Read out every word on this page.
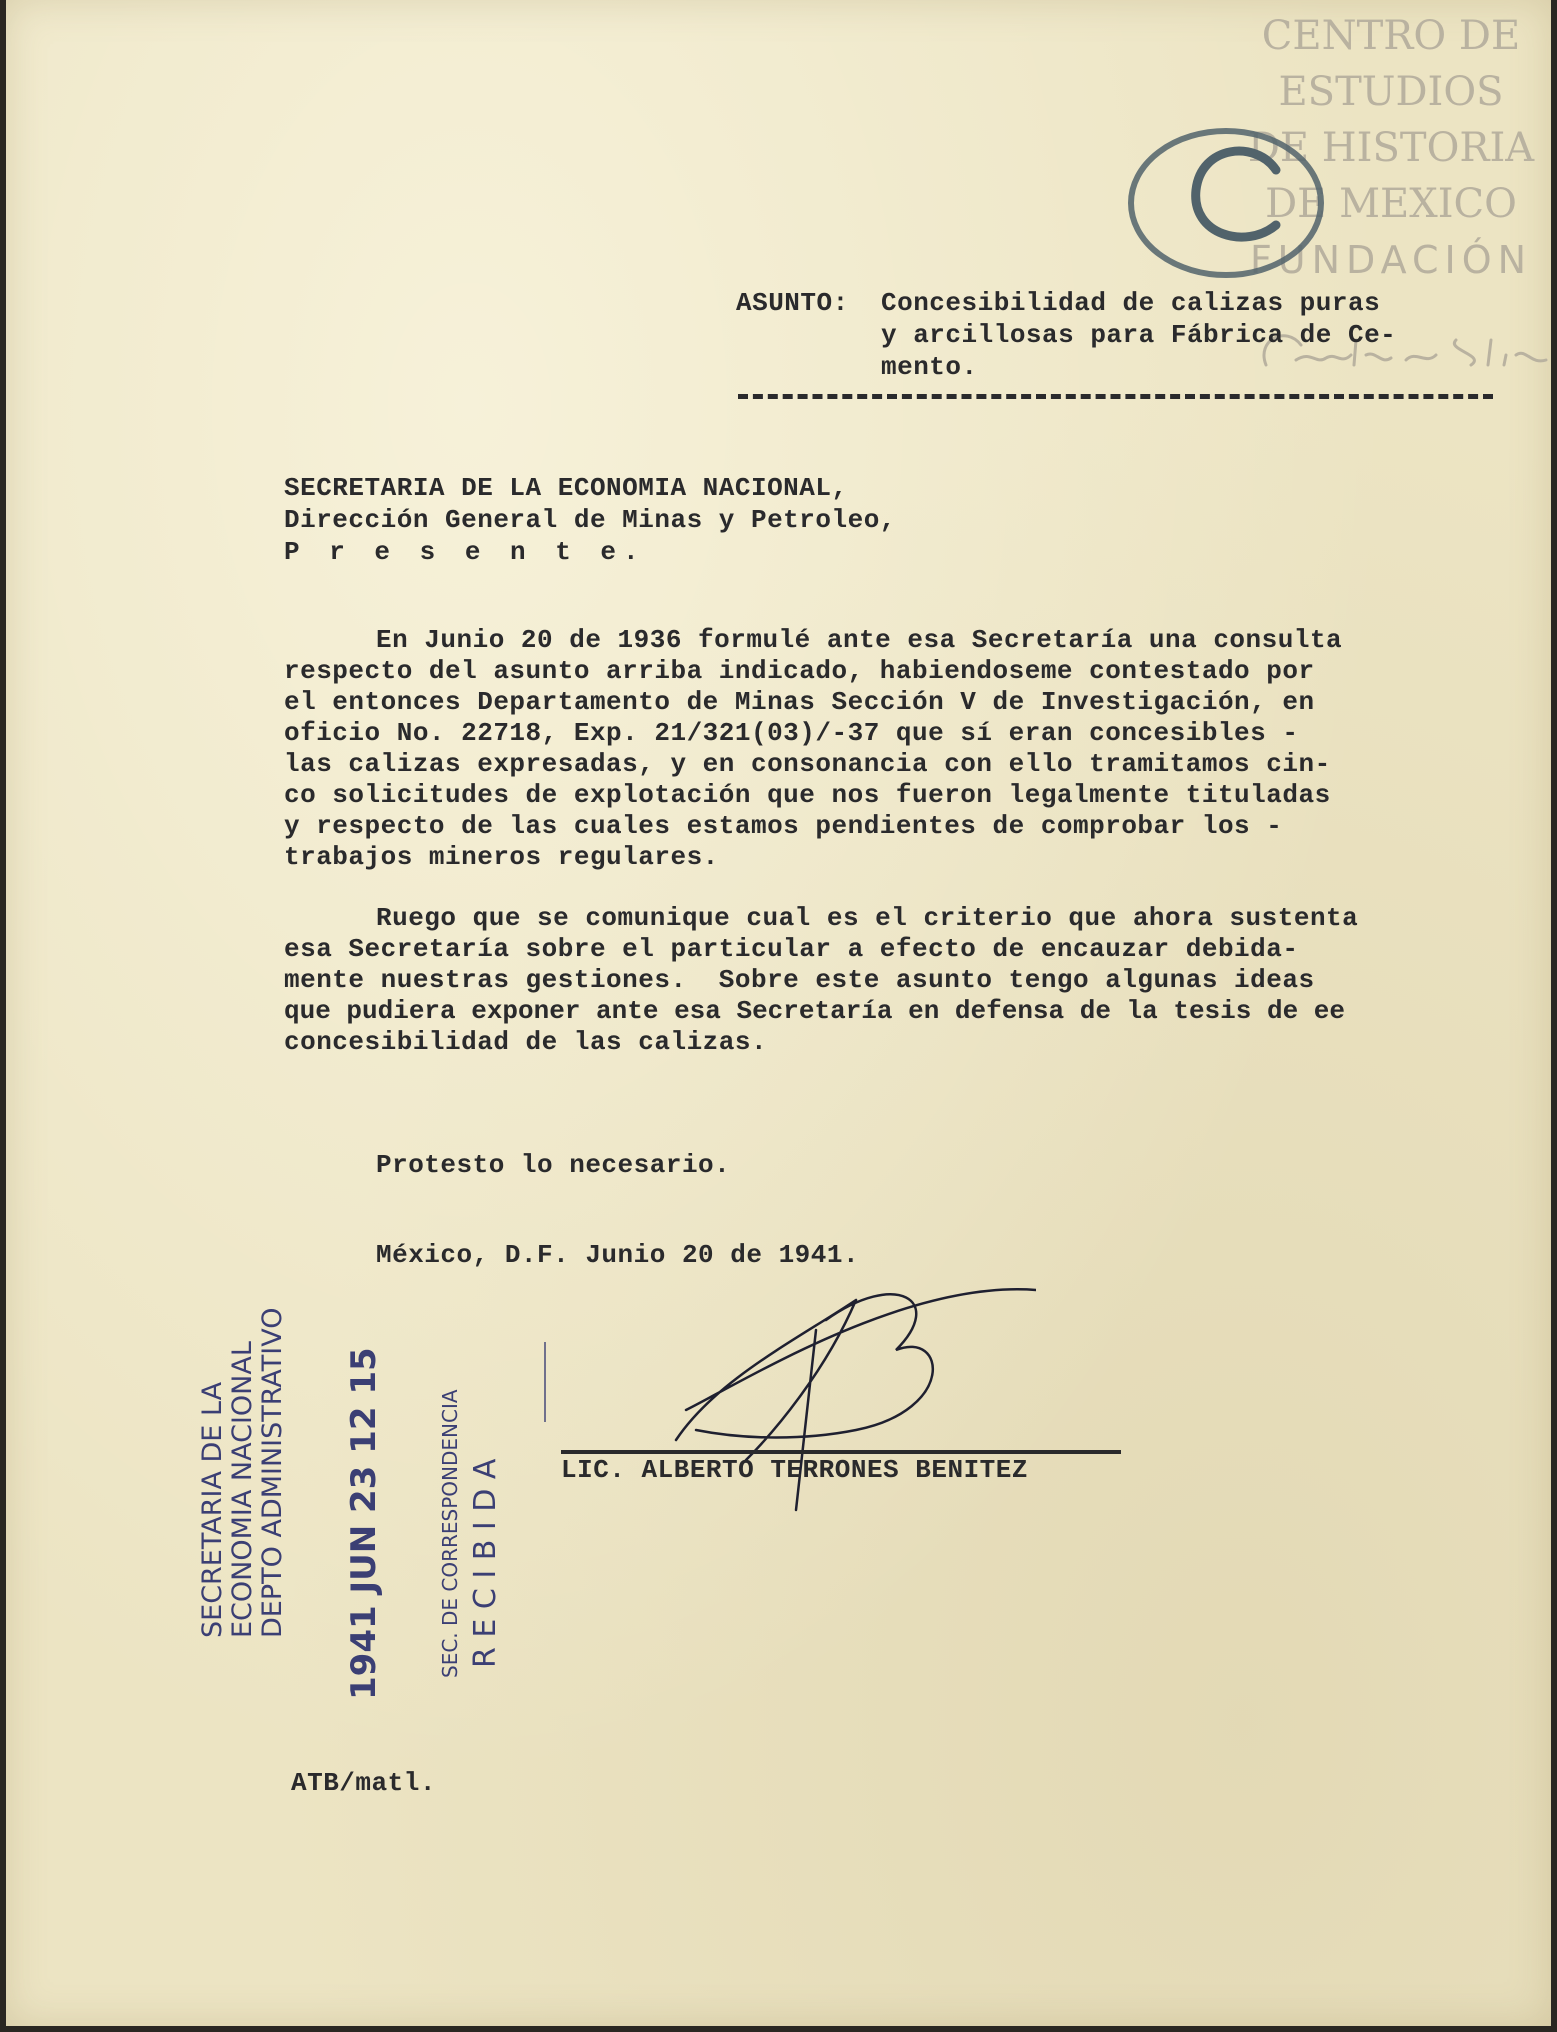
CENTRO DE
ESTUDIOS
DE HISTORIA
DE MEXICO
FUNDACIÓN
ASUNTO: Concesibilidad de calizas puras
y arcillosas para Fábrica de Ce-
mento.
SECRETARIA DE LA ECONOMIA NACIONAL,
Dirección General de Minas y Petroleo,
P r e s e n t e.
En Junio 20 de 1936 formulé ante esa Secretaría una consulta
respecto del asunto arriba indicado, habiendoseme contestado por
el entonces Departamento de Minas Sección V de Investigación, en
oficio No. 22718, Exp. 21/321(03)/-37 que sí eran concesibles -
las calizas expresadas, y en consonancia con ello tramitamos cin-
co solicitudes de explotación que nos fueron legalmente tituladas
y respecto de las cuales estamos pendientes de comprobar los -
trabajos mineros regulares.
Ruego que se comunique cual es el criterio que ahora sustenta
esa Secretaría sobre el particular a efecto de encauzar debida-
mente nuestras gestiones.  Sobre este asunto tengo algunas ideas
que pudiera exponer ante esa Secretaría en defensa de la tesis de ee
concesibilidad de las calizas.
Protesto lo necesario.
México, D.F. Junio 20 de 1941.
LIC. ALBERTO TERRONES BENITEZ
SECRETARIA DE LA ECONOMIA NACIONAL DEPTO ADMINISTRATIVO 1941 JUN 23 12 15	SEC. DE CORRESPONDENCIA R E C I B I D A
ATB/matl.
